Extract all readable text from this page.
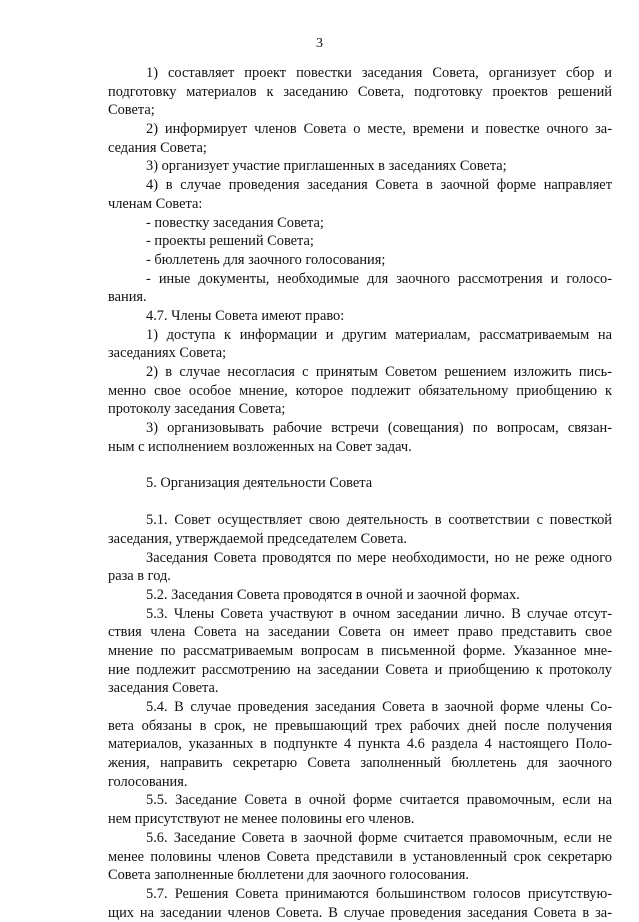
3
1) составляет проект повестки заседания Совета, организует сбор и
подготовку материалов к заседанию Совета, подготовку проектов решений
Совета;
2) информирует членов Совета о месте, времени и повестке очного за-
седания Совета;
3) организует участие приглашенных в заседаниях Совета;
4) в случае проведения заседания Совета в заочной форме направляет
членам Совета:
- повестку заседания Совета;
- проекты решений Совета;
- бюллетень для заочного голосования;
- иные документы, необходимые для заочного рассмотрения и голосо-
вания.
4.7. Члены Совета имеют право:
1) доступа к информации и другим материалам, рассматриваемым на
заседаниях Совета;
2) в случае несогласия с принятым Советом решением изложить пись-
менно свое особое мнение, которое подлежит обязательному приобщению к
протоколу заседания Совета;
3) организовывать рабочие встречи (совещания) по вопросам, связан-
ным с исполнением возложенных на Совет задач.
5. Организация деятельности Совета
5.1. Совет осуществляет свою деятельность в соответствии с повесткой
заседания, утверждаемой председателем Совета.
Заседания Совета проводятся по мере необходимости, но не реже одного
раза в год.
5.2. Заседания Совета проводятся в очной и заочной формах.
5.3. Члены Совета участвуют в очном заседании лично. В случае отсут-
ствия члена Совета на заседании Совета он имеет право представить свое
мнение по рассматриваемым вопросам в письменной форме. Указанное мне-
ние подлежит рассмотрению на заседании Совета и приобщению к протоколу
заседания Совета.
5.4. В случае проведения заседания Совета в заочной форме члены Со-
вета обязаны в срок, не превышающий трех рабочих дней после получения
материалов, указанных в подпункте 4 пункта 4.6 раздела 4 настоящего Поло-
жения, направить секретарю Совета заполненный бюллетень для заочного
голосования.
5.5. Заседание Совета в очной форме считается правомочным, если на
нем присутствуют не менее половины его членов.
5.6. Заседание Совета в заочной форме считается правомочным, если не
менее половины членов Совета представили в установленный срок секретарю
Совета заполненные бюллетени для заочного голосования.
5.7. Решения Совета принимаются большинством голосов присутствую-
щих на заседании членов Совета. В случае проведения заседания Совета в за-
